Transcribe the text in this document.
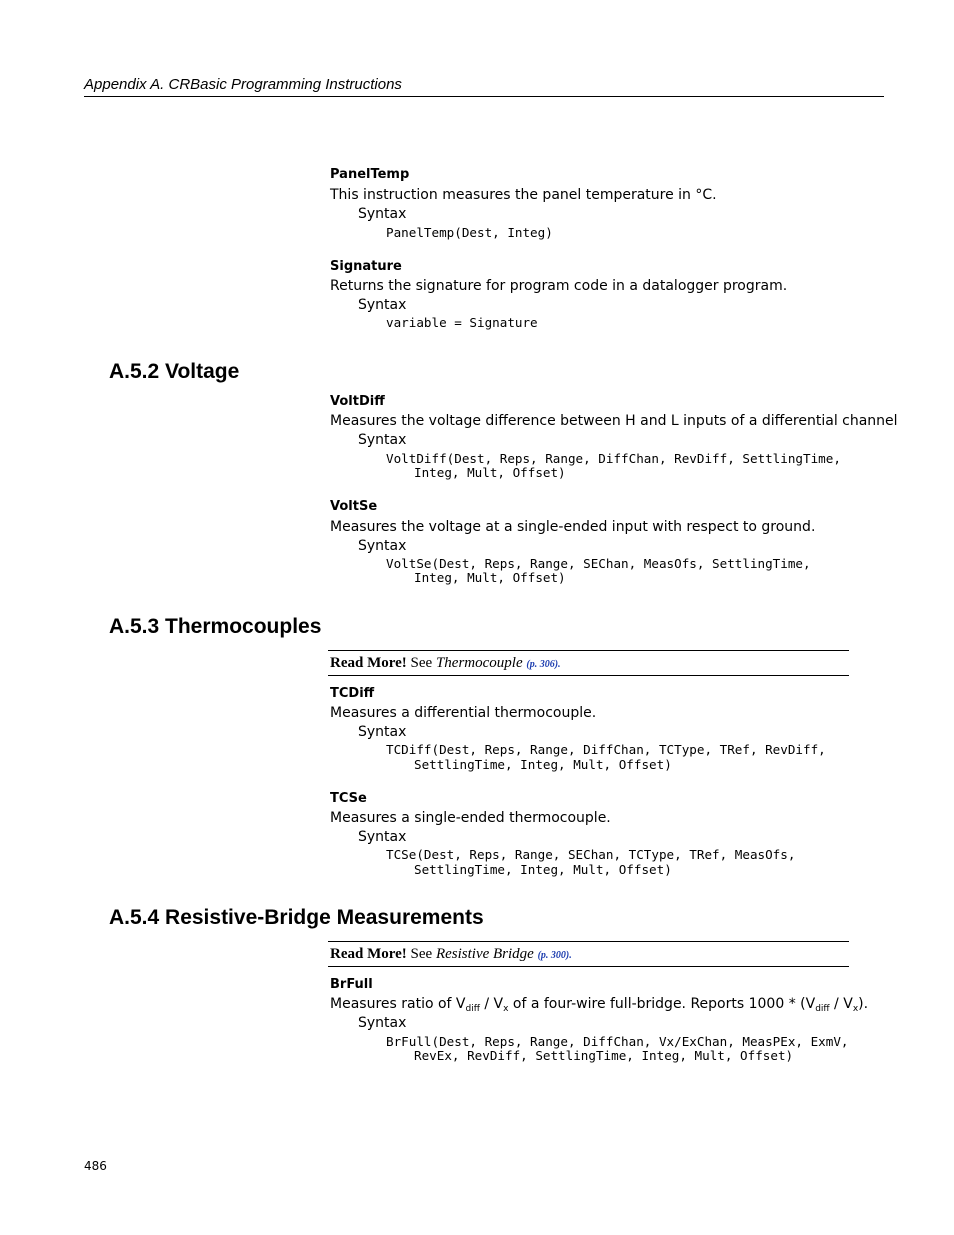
Appendix A. CRBasic Programming Instructions
PanelTemp
This instruction measures the panel temperature in °C.
Syntax
PanelTemp(Dest, Integ)
Signature
Returns the signature for program code in a datalogger program.
Syntax
variable = Signature
A.5.2 Voltage
VoltDiff
Measures the voltage difference between H and L inputs of a differential channel
Syntax
VoltDiff(Dest, Reps, Range, DiffChan, RevDiff, SettlingTime,
Integ, Mult, Offset)
VoltSe
Measures the voltage at a single-ended input with respect to ground.
Syntax
VoltSe(Dest, Reps, Range, SEChan, MeasOfs, SettlingTime,
Integ, Mult, Offset)
A.5.3 Thermocouples
Read More! See Thermocouple (p. 306).
TCDiff
Measures a differential thermocouple.
Syntax
TCDiff(Dest, Reps, Range, DiffChan, TCType, TRef, RevDiff,
SettlingTime, Integ, Mult, Offset)
TCSe
Measures a single-ended thermocouple.
Syntax
TCSe(Dest, Reps, Range, SEChan, TCType, TRef, MeasOfs,
SettlingTime, Integ, Mult, Offset)
A.5.4 Resistive-Bridge Measurements
Read More! See Resistive Bridge (p. 300).
BrFull
Measures ratio of $V_{diff} / V_x$ of a four-wire full-bridge. Reports $1000 * (V_{diff} / V_x)$.
Syntax
BrFull(Dest, Reps, Range, DiffChan, Vx/ExChan, MeasPEx, ExmV,
RevEx, RevDiff, SettlingTime, Integ, Mult, Offset)
486
